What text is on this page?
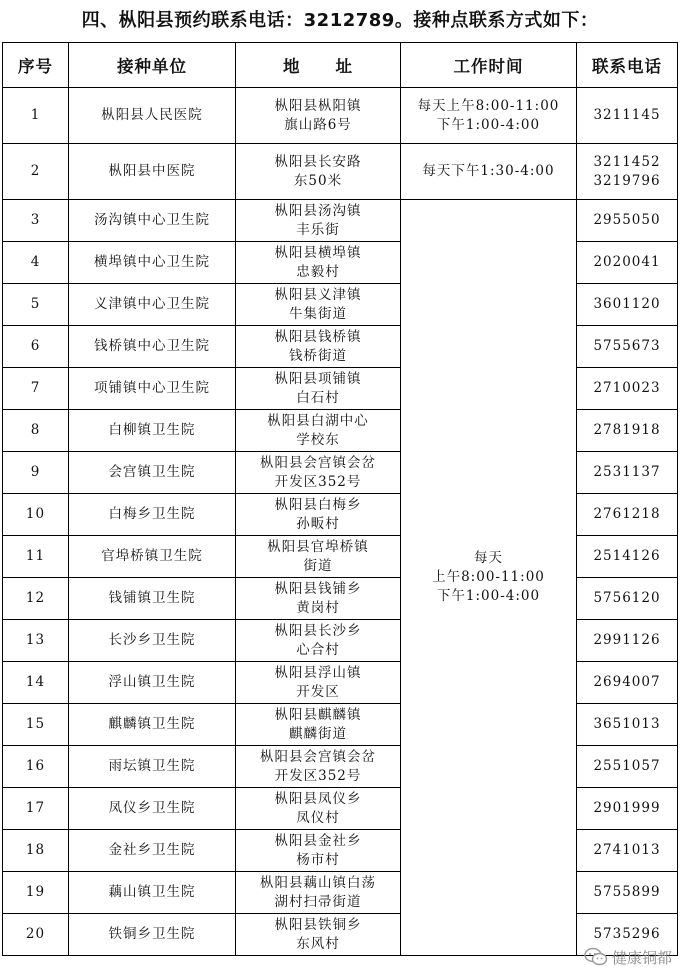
四、枞阳县预约联系电话：3212789。接种点联系方式如下：
序号	接种单位	地　　址	工作时间	联系电话
1	枞阳县人民医院	枞阳县枞阳镇
旗山路6号	每天上午8:00-11:00
下午1:00-4:00	3211145

2	枞阳县中医院	枞阳县长安路
东50米	每天下午1:30-4:00	3211452
3219796

3	汤沟镇中心卫生院	枞阳县汤沟镇
丰乐街	每天
上午8:00-11:00
下午1:00-4:00	2955050

4	横埠镇中心卫生院	枞阳县横埠镇
忠毅村		2020041

5	义津镇中心卫生院	枞阳县义津镇
牛集街道		3601120

6	钱桥镇中心卫生院	枞阳县钱桥镇
钱桥街道		5755673

7	项铺镇中心卫生院	枞阳县项铺镇
白石村		2710023

8	白柳镇卫生院	枞阳县白湖中心
学校东		2781918

9	会宫镇卫生院	枞阳县会宫镇会岔
开发区352号		2531137

10	白梅乡卫生院	枞阳县白梅乡
孙畈村		2761218

11	官埠桥镇卫生院	枞阳县官埠桥镇
街道		2514126

12	钱铺镇卫生院	枞阳县钱铺乡
黄岗村		5756120

13	长沙乡卫生院	枞阳县长沙乡
心合村		2991126

14	浮山镇卫生院	枞阳县浮山镇
开发区		2694007

15	麒麟镇卫生院	枞阳县麒麟镇
麒麟街道		3651013

16	雨坛镇卫生院	枞阳县会宫镇会岔
开发区352号		2551057

17	凤仪乡卫生院	枞阳县凤仪乡
凤仪村		2901999

18	金社乡卫生院	枞阳县金社乡
杨市村		2741013

19	藕山镇卫生院	枞阳县藕山镇白荡
湖村扫帚街道		5755899

20	铁铜乡卫生院	枞阳县铁铜乡
东风村		5735296
健康铜都
